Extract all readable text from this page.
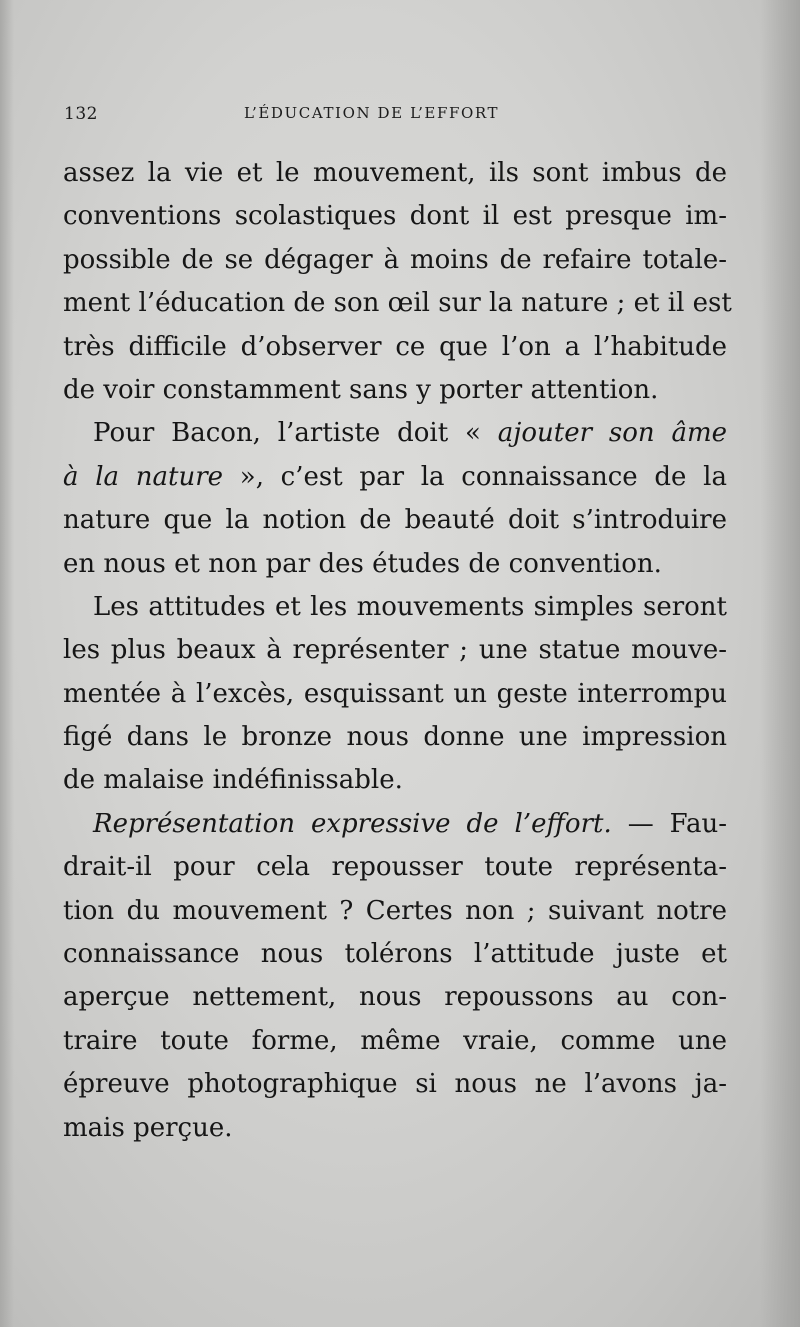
132	L’ÉDUCATION DE L’EFFORT
assez la vie et le mouvement, ils sont imbus de
conventions scolastiques dont il est presque im-
possible de se dégager à moins de refaire totale-
ment l’éducation de son œil sur la nature ; et il est
très difficile d’observer ce que l’on a l’habitude
de voir constamment sans y porter attention.
Pour Bacon, l’artiste doit « ajouter son âme
à la nature », c’est par la connaissance de la
nature que la notion de beauté doit s’introduire
en nous et non par des études de convention.
Les attitudes et les mouvements simples seront
les plus beaux à représenter ; une statue mouve-
mentée à l’excès, esquissant un geste interrompu
figé dans le bronze nous donne une impression
de malaise indéfinissable.
Représentation expressive de l’effort. — Fau-
drait-il pour cela repousser toute représenta-
tion du mouvement ? Certes non ; suivant notre
connaissance nous tolérons l’attitude juste et
aperçue nettement, nous repoussons au con-
traire toute forme, même vraie, comme une
épreuve photographique si nous ne l’avons ja-
mais perçue.
